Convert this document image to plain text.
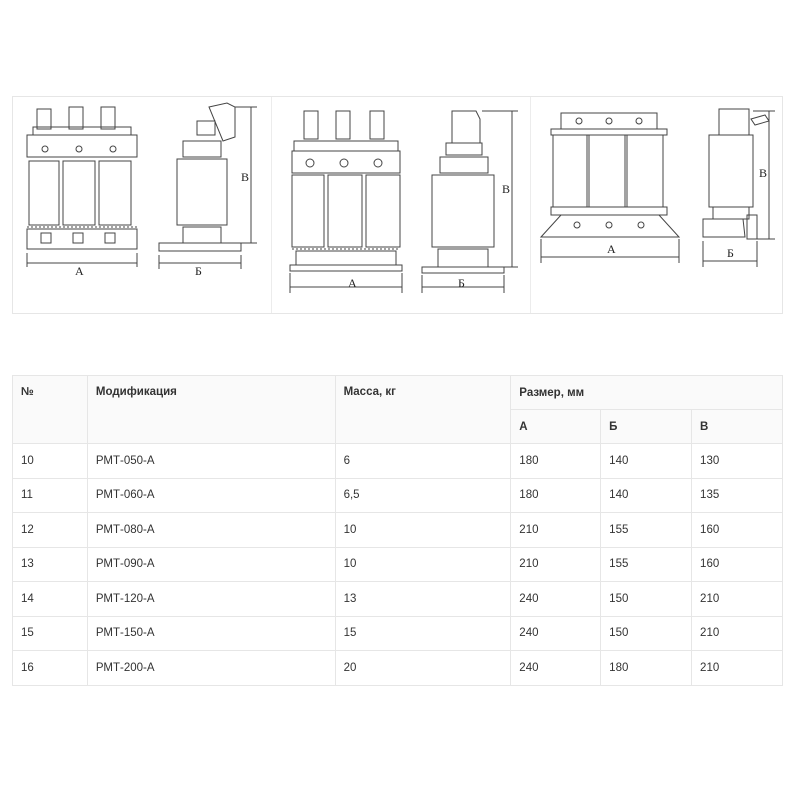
А	Б
В
А	Б
В
А	Б
В
№	Модификация	Масса, кг	Размер, мм		
			А	Б	В
10	РМТ-050-А	6	180	140	130
11	РМТ-060-А	6,5	180	140	135
12	РМТ-080-А	10	210	155	160
13	РМТ-090-А	10	210	155	160
14	РМТ-120-А	13	240	150	210
15	РМТ-150-А	15	240	150	210
16	РМТ-200-А	20	240	180	210
